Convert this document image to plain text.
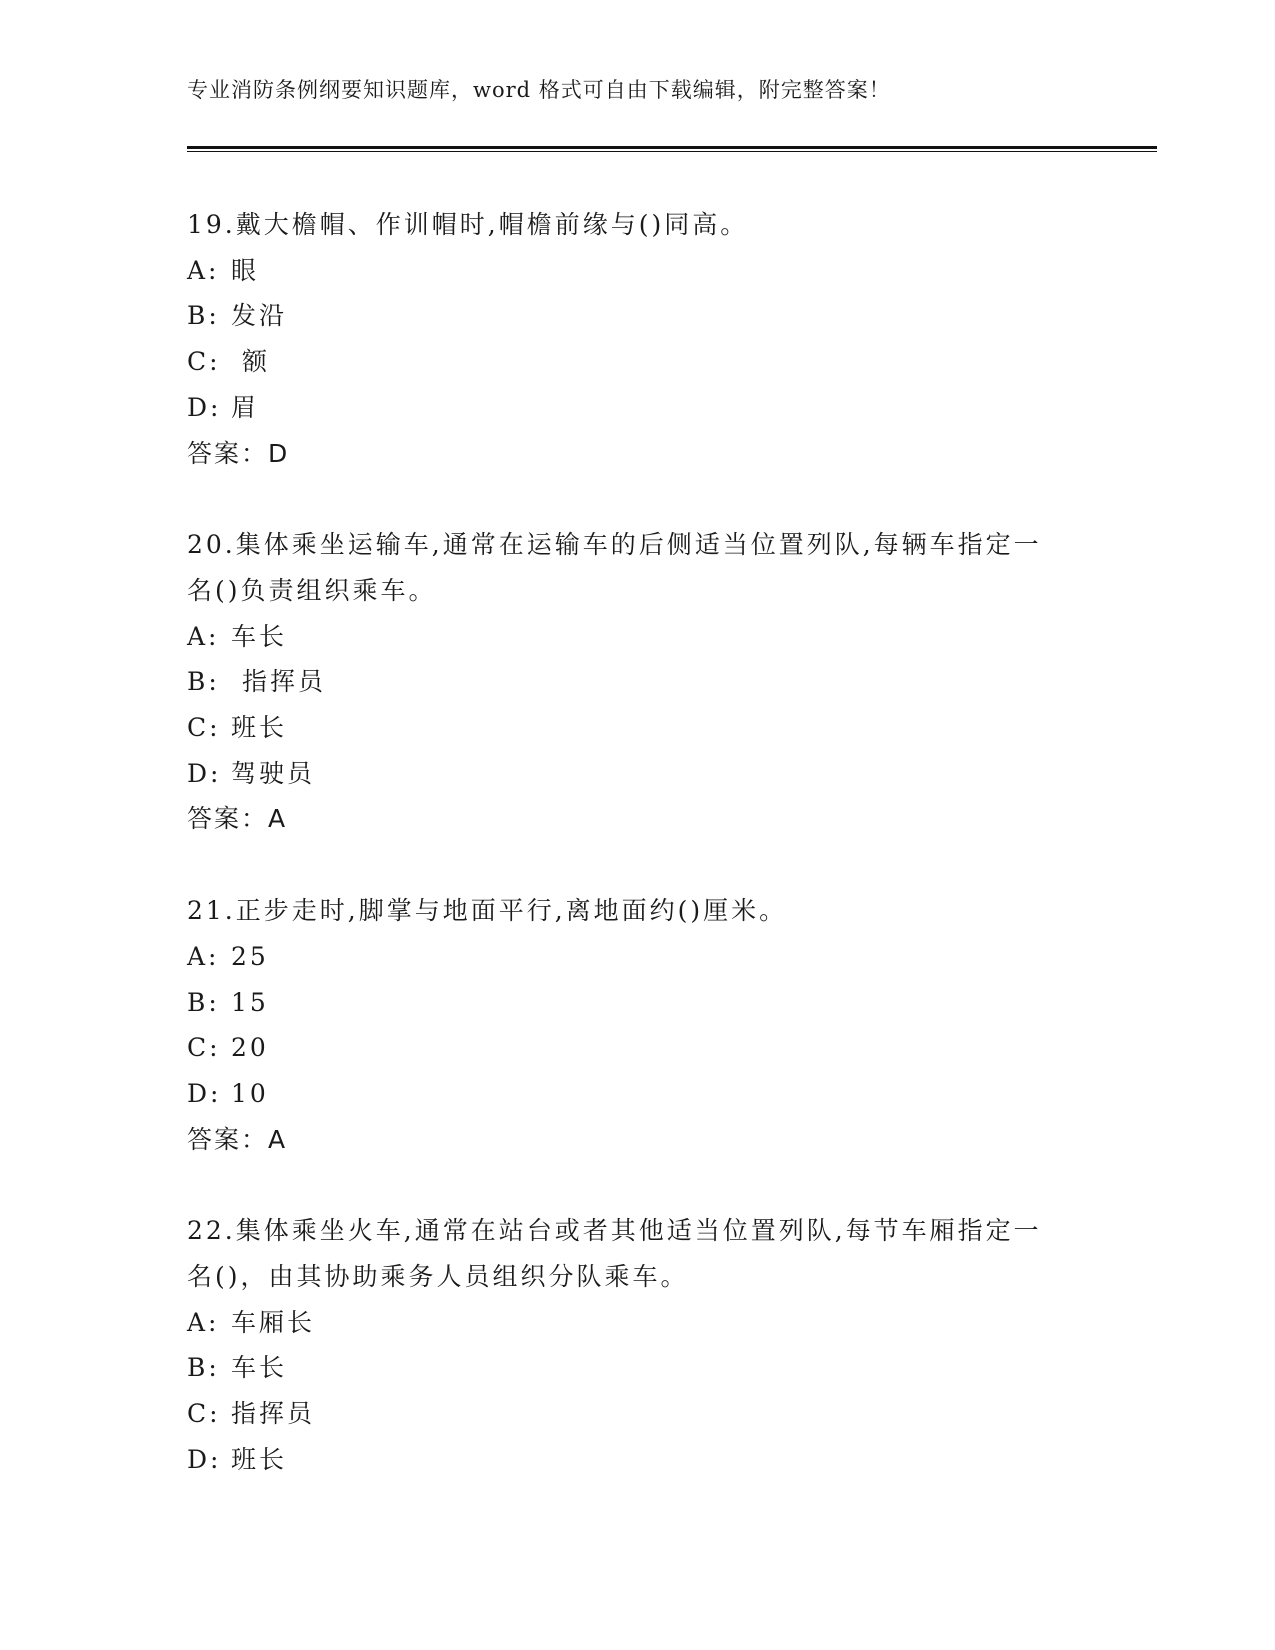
专业消防条例纲要知识题库，word 格式可自由下载编辑，附完整答案！
19.戴大檐帽、作训帽时,帽檐前缘与()同高。
A: 眼
B: 发沿
C: 额
D: 眉
答案：D
20.集体乘坐运输车,通常在运输车的后侧适当位置列队,每辆车指定一
名()负责组织乘车。
A: 车长
B: 指挥员
C: 班长
D: 驾驶员
答案：A
21.正步走时,脚掌与地面平行,离地面约()厘米。
A: 25
B: 15
C: 20
D: 10
答案：A
22.集体乘坐火车,通常在站台或者其他适当位置列队,每节车厢指定一
名()，由其协助乘务人员组织分队乘车。
A: 车厢长
B: 车长
C: 指挥员
D: 班长
